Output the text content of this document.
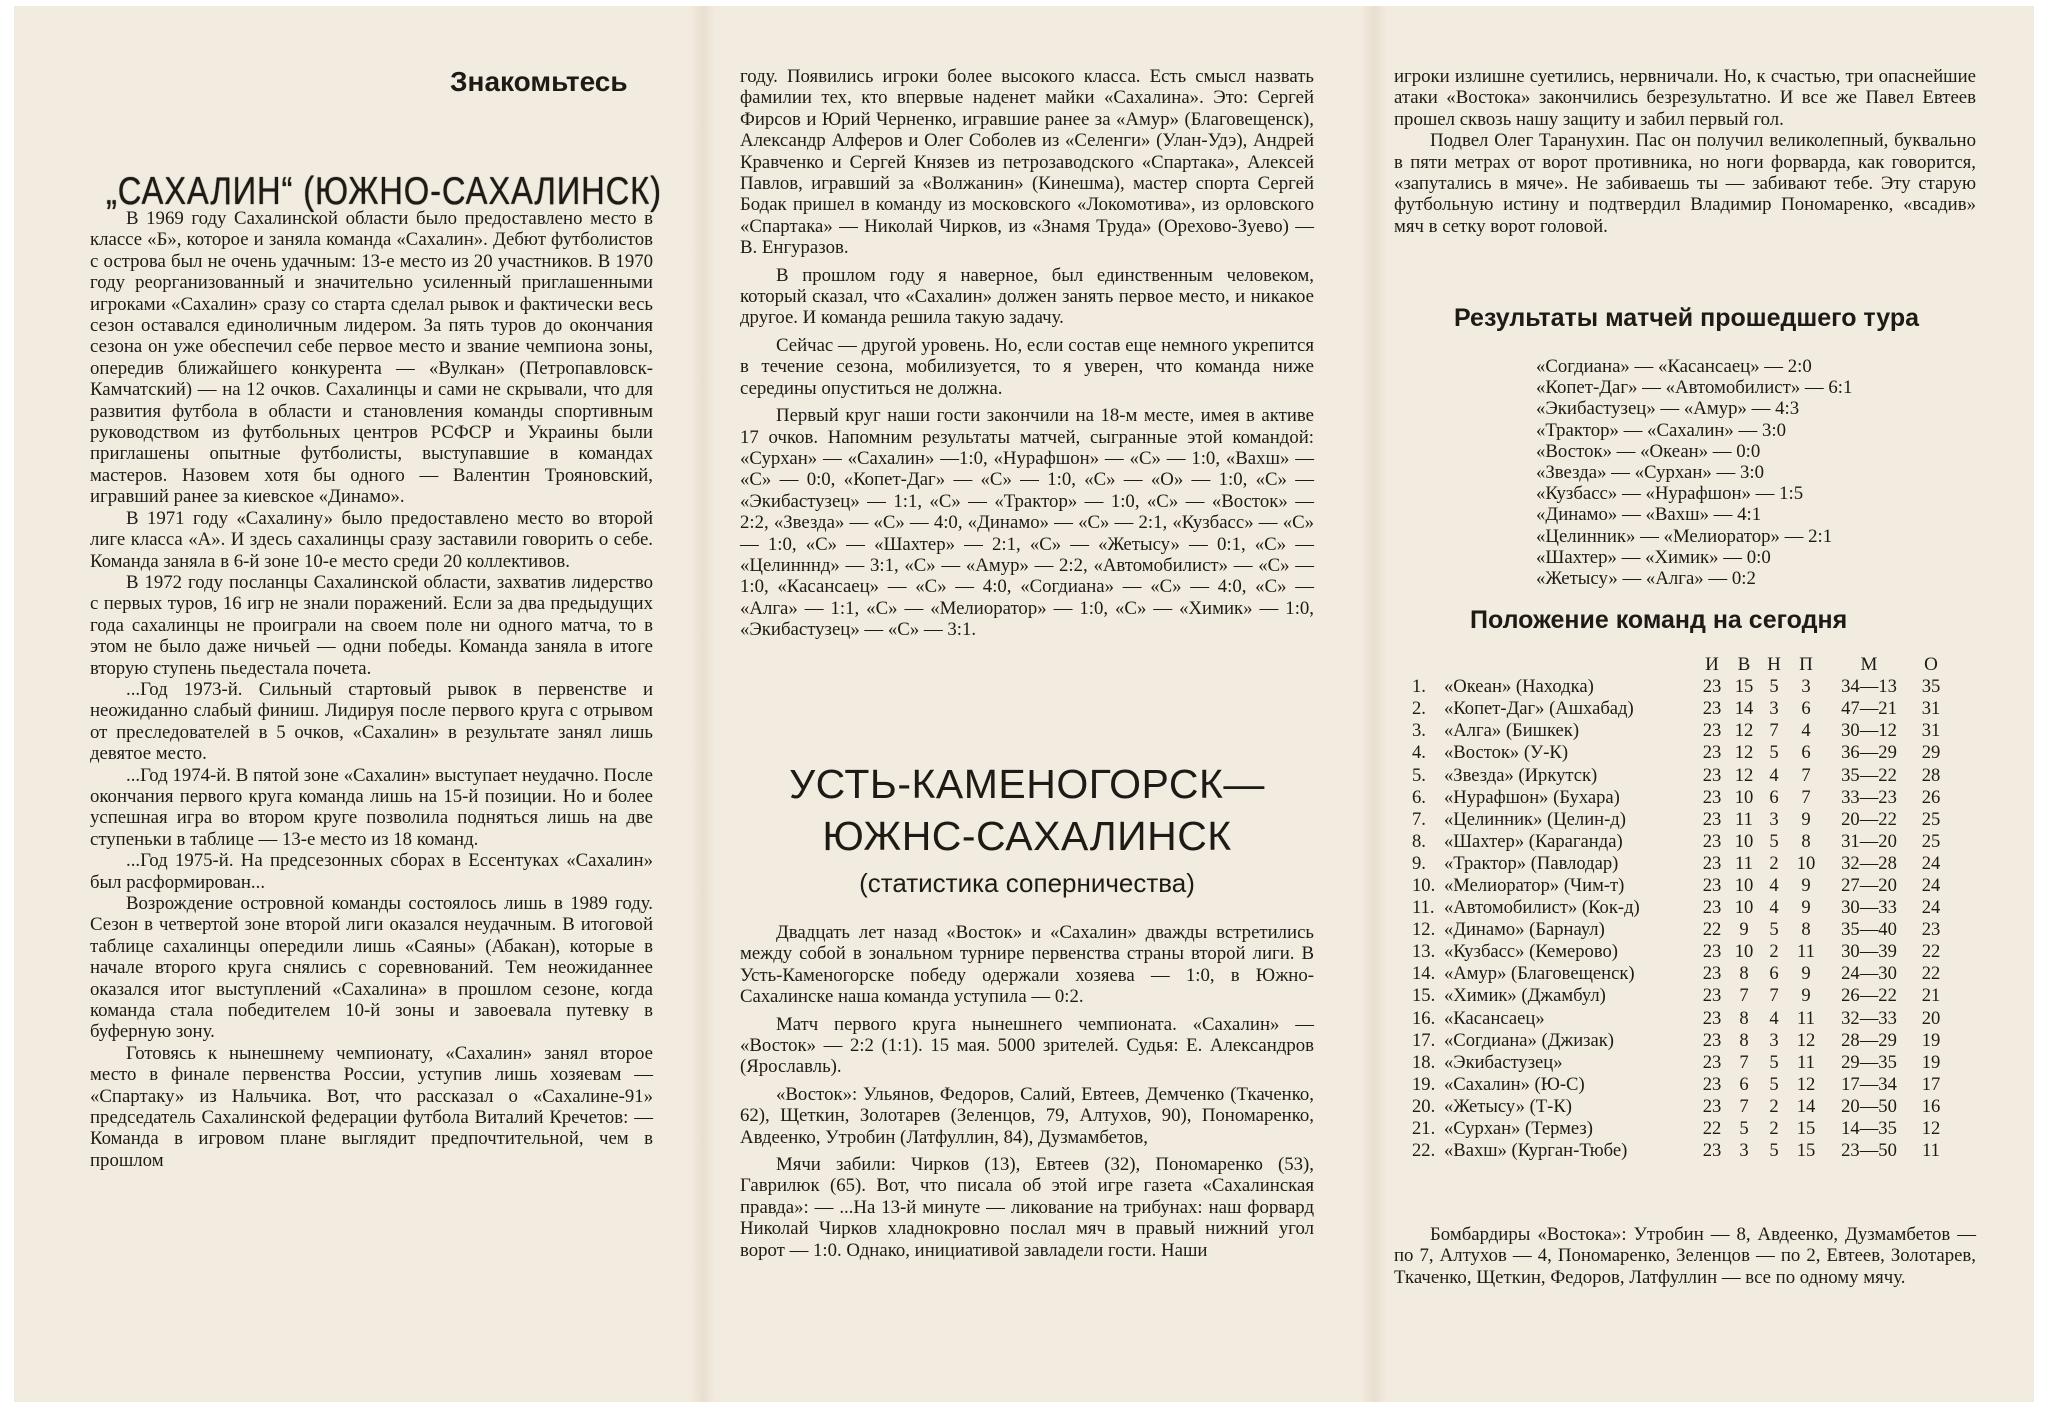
Знакомьтесь
„САХАЛИН“ (ЮЖНО-САХАЛИНСК)

В 1969 году Сахалинской области было предоставлено место в классе «Б», которое и заняла команда «Сахалин». Дебют футболистов с острова был не очень удачным: 13-е место из 20 участников. В 1970 году реорганизованный и значительно усиленный приглашенными игроками «Сахалин» сразу со старта сделал рывок и фактически весь сезон оставался единоличным лидером. За пять туров до окончания сезона он уже обеспечил себе первое место и звание чемпиона зоны, опередив ближайшего конкурента — «Вулкан» (Петропавловск-Камчатский) — на 12 очков. Сахалинцы и сами не скрывали, что для развития футбола в области и становления команды спортивным руководством из футбольных центров РСФСР и Украины были приглашены опытные футболисты, выступавшие в командах мастеров. Назовем хотя бы одного — Валентин Трояновский, игравший ранее за киевское «Динамо».

В 1971 году «Сахалину» было предоставлено место во второй лиге класса «А». И здесь сахалинцы сразу заставили говорить о себе. Команда заняла в 6-й зоне 10-е место среди 20 коллективов.

В 1972 году посланцы Сахалинской области, захватив лидерство с первых туров, 16 игр не знали поражений. Если за два предыдущих года сахалинцы не проиграли на своем поле ни одного матча, то в этом не было даже ничьей — одни победы. Команда заняла в итоге вторую ступень пьедестала почета.

...Год 1973-й. Сильный стартовый рывок в первенстве и неожиданно слабый финиш. Лидируя после первого круга с отрывом от преследователей в 5 очков, «Сахалин» в результате занял лишь девятое место.

...Год 1974-й. В пятой зоне «Сахалин» выступает неудачно. После окончания первого круга команда лишь на 15-й позиции. Но и более успешная игра во втором круге позволила подняться лишь на две ступеньки в таблице — 13-е место из 18 команд.

...Год 1975-й. На предсезонных сборах в Ессентуках «Сахалин» был расформирован...

Возрождение островной команды состоялось лишь в 1989 году. Сезон в четвертой зоне второй лиги оказался неудачным. В итоговой таблице сахалинцы опередили лишь «Саяны» (Абакан), которые в начале второго круга снялись с соревнований. Тем неожиданнее оказался итог выступлений «Сахалина» в прошлом сезоне, когда команда стала победителем 10-й зоны и завоевала путевку в буферную зону.

Готовясь к нынешнему чемпионату, «Сахалин» занял второе место в финале первенства России, уступив лишь хозяевам — «Спартаку» из Нальчика. Вот, что рассказал о «Сахалине-91» председатель Сахалинской федерации футбола Виталий Кречетов: — Команда в игровом плане выглядит предпочтительной, чем в прошлом

году. Появились игроки более высокого класса. Есть смысл назвать фамилии тех, кто впервые наденет майки «Сахалина». Это: Сергей Фирсов и Юрий Черненко, игравшие ранее за «Амур» (Благовещенск), Александр Алферов и Олег Соболев из «Селенги» (Улан-Удэ), Андрей Кравченко и Сергей Князев из петрозаводского «Спартака», Алексей Павлов, игравший за «Волжанин» (Кинешма), мастер спорта Сергей Бодак пришел в команду из московского «Локомотива», из орловского «Спартака» — Николай Чирков, из «Знамя Труда» (Орехово-Зуево) — В. Енгуразов.

В прошлом году я наверное, был единственным человеком, который сказал, что «Сахалин» должен занять первое место, и никакое другое. И команда решила такую задачу.

Сейчас — другой уровень. Но, если состав еще немного укрепится в течение сезона, мобилизуется, то я уверен, что команда ниже середины опуститься не должна.

Первый круг наши гости закончили на 18-м месте, имея в активе 17 очков. Напомним результаты матчей, сыгранные этой командой: «Сурхан» — «Сахалин» —1:0, «Нурафшон» — «С» — 1:0, «Вахш» — «С» — 0:0, «Копет-Даг» — «С» — 1:0, «С» — «О» — 1:0, «С» — «Экибастузец» — 1:1, «С» — «Трактор» — 1:0, «С» — «Восток» — 2:2, «Звезда» — «С» — 4:0, «Динамо» — «С» — 2:1, «Кузбасс» — «С» — 1:0, «С» — «Шахтер» — 2:1, «С» — «Жетысу» — 0:1, «С» — «Целинннд» — 3:1, «С» — «Амур» — 2:2, «Автомобилист» — «С» — 1:0, «Касансаец» — «С» — 4:0, «Согдиана» — «С» — 4:0, «С» — «Алга» — 1:1, «С» — «Мелиоратор» — 1:0, «С» — «Химик» — 1:0, «Экибастузец» — «С» — 3:1.

УСТЬ-КАМЕНОГОРСК—

ЮЖНС-САХАЛИНСК

(статистика соперничества)

Двадцать лет назад «Восток» и «Сахалин» дважды встретились между собой в зональном турнире первенства страны второй лиги. В Усть-Каменогорске победу одержали хозяева — 1:0, в Южно-Сахалинске наша команда уступила — 0:2.

Матч первого круга нынешнего чемпионата. «Сахалин» — «Восток» — 2:2 (1:1). 15 мая. 5000 зрителей. Судья: Е. Александров (Ярославль).

«Восток»: Ульянов, Федоров, Салий, Евтеев, Демченко (Ткаченко, 62), Щеткин, Золотарев (Зеленцов, 79, Алтухов, 90), Пономаренко, Авдеенко, Утробин (Латфуллин, 84), Дузмамбетов,

Мячи забили: Чирков (13), Евтеев (32), Пономаренко (53), Гаврилюк (65). Вот, что писала об этой игре газета «Сахалинская правда»: — ...На 13-й минуте — ликование на трибунах: наш форвард Николай Чирков хладнокровно послал мяч в правый нижний угол ворот — 1:0. Однако, инициативой завладели гости. Наши

игроки излишне суетились, нервничали. Но, к счастью, три опаснейшие атаки «Востока» закончились безрезультатно. И все же Павел Евтеев прошел сквозь нашу защиту и забил первый гол.

Подвел Олег Таранухин. Пас он получил великолепный, буквально в пяти метрах от ворот противника, но ноги форварда, как говорится, «запутались в мяче». Не забиваешь ты — забивают тебе. Эту старую футбольную истину и подтвердил Владимир Пономаренко, «всадив» мяч в сетку ворот головой.

Результаты матчей прошедшего тура
«Согдиана» — «Касансаец» — 2:0
«Копет-Даг» — «Автомобилист» — 6:1
«Экибастузец» — «Амур» — 4:3
«Трактор» — «Сахалин» — 3:0
«Восток» — «Океан» — 0:0
«Звезда» — «Сурхан» — 3:0
«Кузбасс» — «Нурафшон» — 1:5
«Динамо» — «Вахш» — 4:1
«Целинник» — «Мелиоратор» — 2:1
«Шахтер» — «Химик» — 0:0
«Жетысу» — «Алга» — 0:2
Положение команд на сегодня
		И	В	Н	П	М	О
1.	«Океан» (Находка)	23	15	5	3	34—13	35
2.	«Копет-Даг» (Ашхабад)	23	14	3	6	47—21	31
3.	«Алга» (Бишкек)	23	12	7	4	30—12	31
4.	«Восток» (У-К)	23	12	5	6	36—29	29
5.	«Звезда» (Иркутск)	23	12	4	7	35—22	28
6.	«Нурафшон» (Бухара)	23	10	6	7	33—23	26
7.	«Целинник» (Целин-д)	23	11	3	9	20—22	25
8.	«Шахтер» (Караганда)	23	10	5	8	31—20	25
9.	«Трактор» (Павлодар)	23	11	2	10	32—28	24
10.	«Мелиоратор» (Чим-т)	23	10	4	9	27—20	24
11.	«Автомобилист» (Кок-д)	23	10	4	9	30—33	24
12.	«Динамо» (Барнаул)	22	9	5	8	35—40	23
13.	«Кузбасс» (Кемерово)	23	10	2	11	30—39	22
14.	«Амур» (Благовещенск)	23	8	6	9	24—30	22
15.	«Химик» (Джамбул)	23	7	7	9	26—22	21
16.	«Касансаец»	23	8	4	11	32—33	20
17.	«Согдиана» (Джизак)	23	8	3	12	28—29	19
18.	«Экибастузец»	23	7	5	11	29—35	19
19.	«Сахалин» (Ю-С)	23	6	5	12	17—34	17
20.	«Жетысу» (Т-К)	23	7	2	14	20—50	16
21.	«Сурхан» (Термез)	22	5	2	15	14—35	12
22.	«Вахш» (Курган-Тюбе)	23	3	5	15	23—50	11

Бомбардиры «Востока»: Утробин — 8, Авдеенко, Дузмамбетов — по 7, Алтухов — 4, Пономаренко, Зеленцов — по 2, Евтеев, Золотарев, Ткаченко, Щеткин, Федоров, Латфуллин — все по одному мячу.
